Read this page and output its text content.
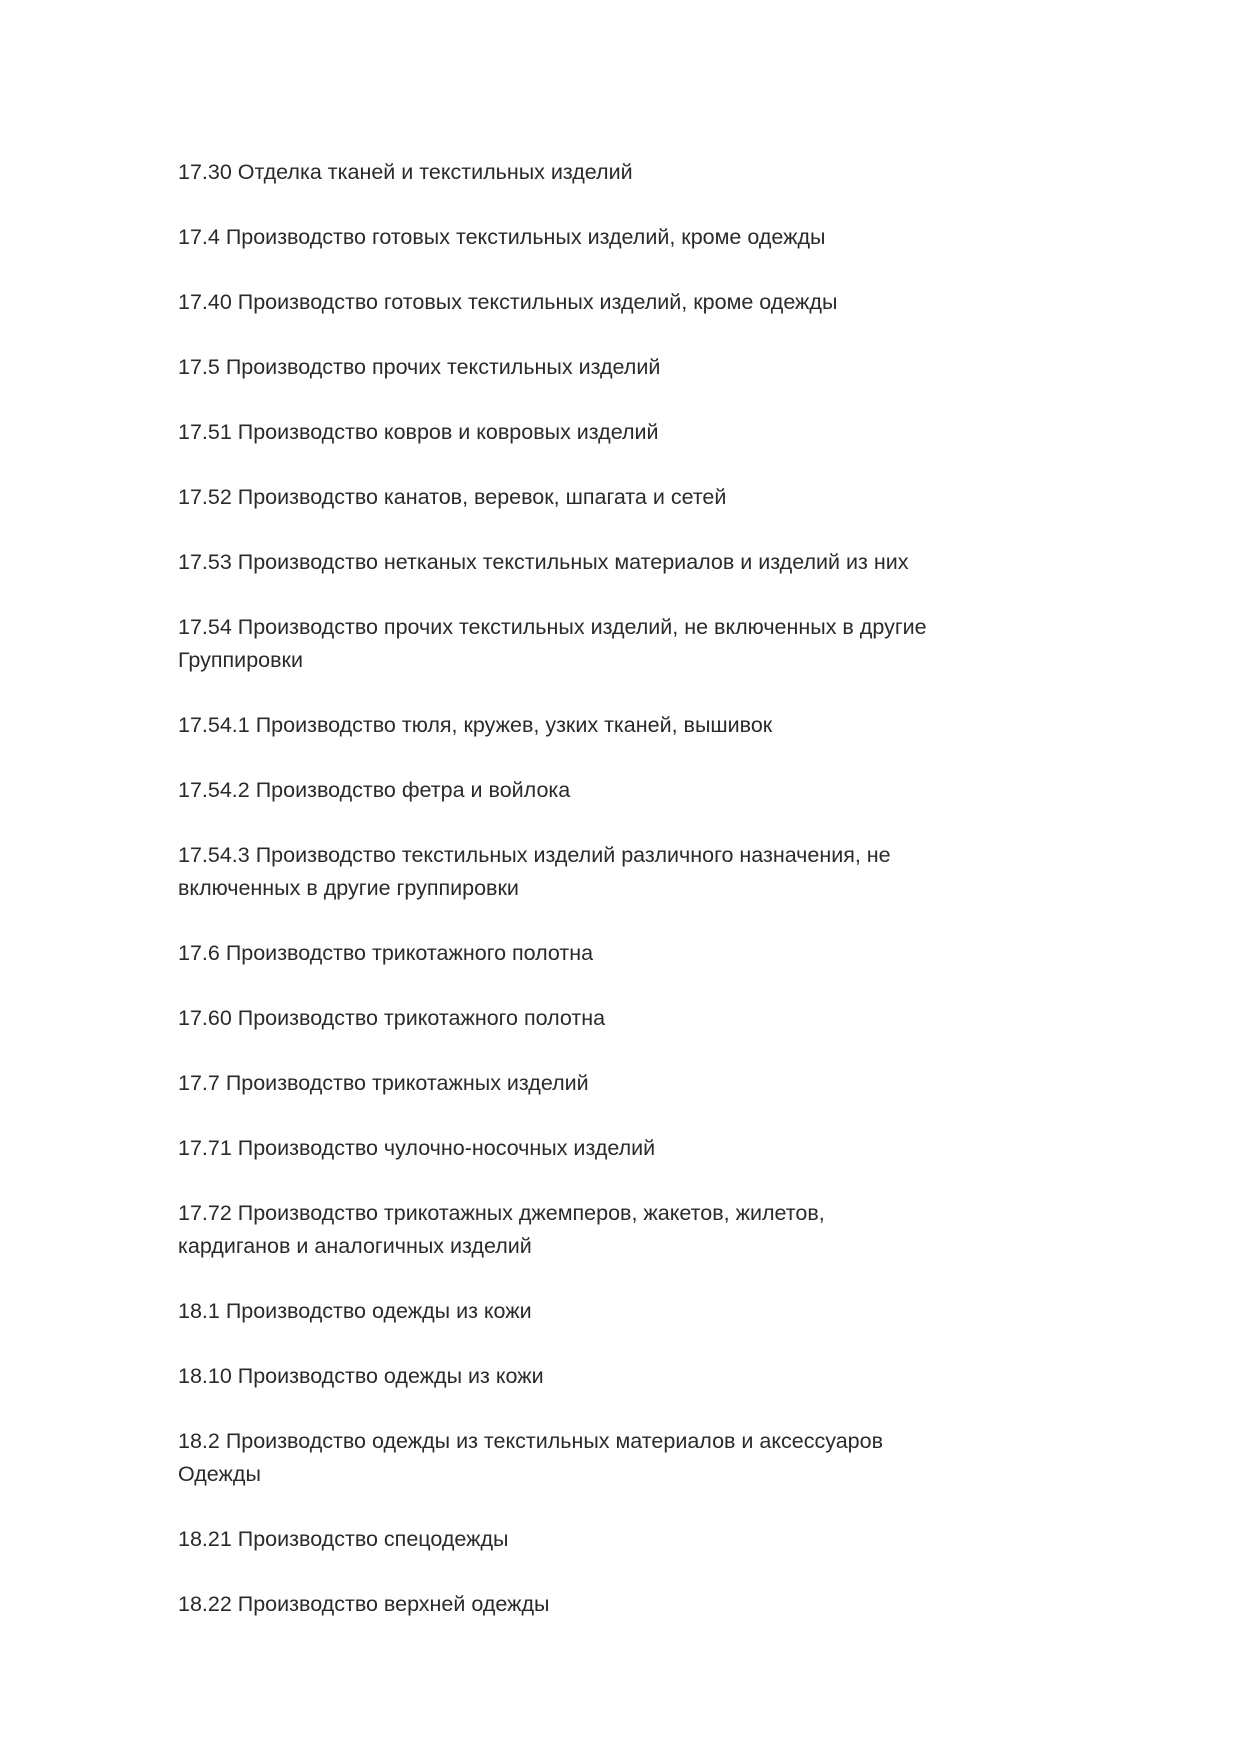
17.30 Отделка тканей и текстильных изделий
17.4 Производство готовых текстильных изделий, кроме одежды
17.40 Производство готовых текстильных изделий, кроме одежды
17.5 Производство прочих текстильных изделий
17.51 Производство ковров и ковровых изделий
17.52 Производство канатов, веревок, шпагата и сетей
17.53 Производство нетканых текстильных материалов и изделий из них
17.54 Производство прочих текстильных изделий, не включенных в другие
Группировки
17.54.1 Производство тюля, кружев, узких тканей, вышивок
17.54.2 Производство фетра и войлока
17.54.3 Производство текстильных изделий различного назначения, не
включенных в другие группировки
17.6 Производство трикотажного полотна
17.60 Производство трикотажного полотна
17.7 Производство трикотажных изделий
17.71 Производство чулочно-носочных изделий
17.72 Производство трикотажных джемперов, жакетов, жилетов,
кардиганов и аналогичных изделий
18.1 Производство одежды из кожи
18.10 Производство одежды из кожи
18.2 Производство одежды из текстильных материалов и аксессуаров
Одежды
18.21 Производство спецодежды
18.22 Производство верхней одежды
